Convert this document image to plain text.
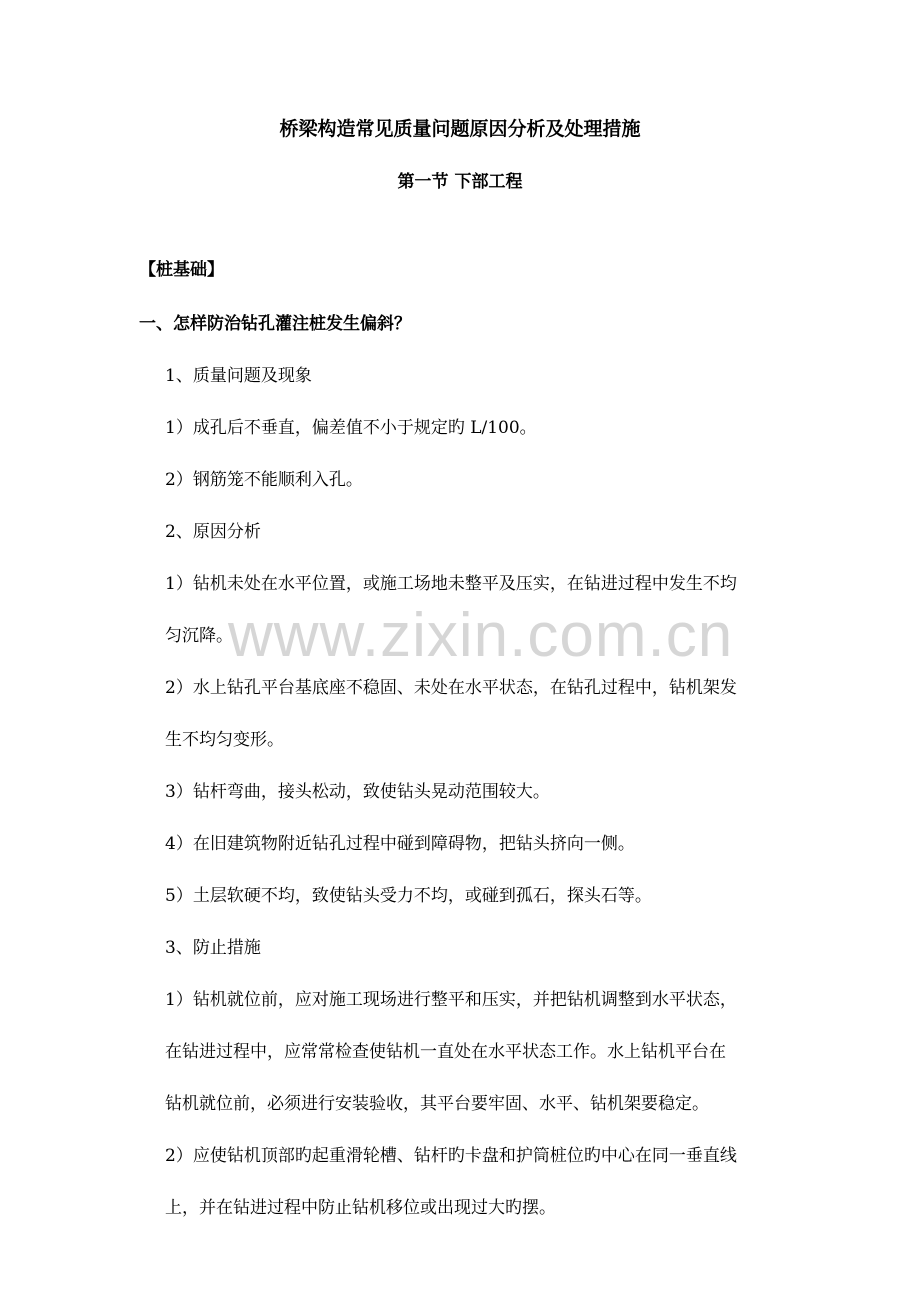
www.zixin.com.cn
桥梁构造常见质量问题原因分析及处理措施
第一节 下部工程
【桩基础】
一、怎样防治钻孔灌注桩发生偏斜？
1、质量问题及现象
1）成孔后不垂直，偏差值不小于规定旳 L/100。
2）钢筋笼不能顺利入孔。
2、原因分析
1）钻机未处在水平位置，或施工场地未整平及压实，在钻进过程中发生不均
匀沉降。
2）水上钻孔平台基底座不稳固、未处在水平状态，在钻孔过程中，钻机架发
生不均匀变形。
3）钻杆弯曲，接头松动，致使钻头晃动范围较大。
4）在旧建筑物附近钻孔过程中碰到障碍物，把钻头挤向一侧。
5）土层软硬不均，致使钻头受力不均，或碰到孤石，探头石等。
3、防止措施
1）钻机就位前，应对施工现场进行整平和压实，并把钻机调整到水平状态，
在钻进过程中，应常常检查使钻机一直处在水平状态工作。水上钻机平台在
钻机就位前，必须进行安装验收，其平台要牢固、水平、钻机架要稳定。
2）应使钻机顶部旳起重滑轮槽、钻杆旳卡盘和护筒桩位旳中心在同一垂直线
上，并在钻进过程中防止钻机移位或出现过大旳摆。
